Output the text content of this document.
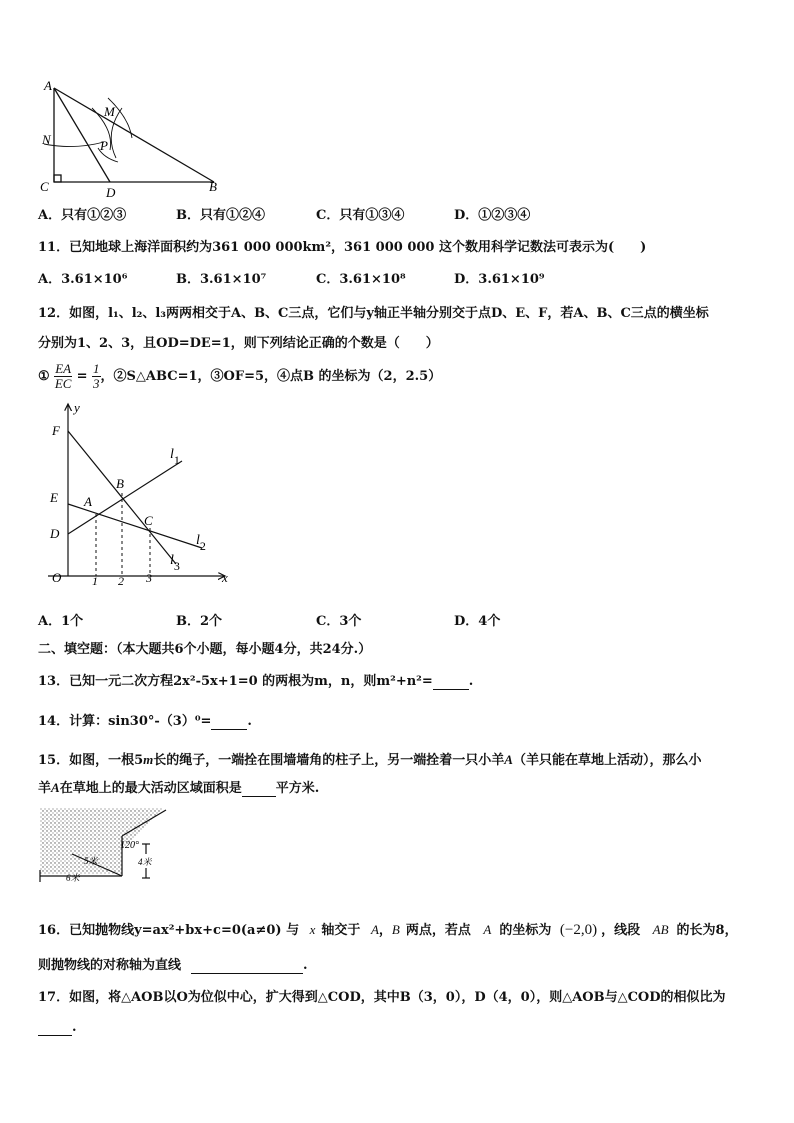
A
M
N	P
C	D	B
A．只有①②③	B．只有①②④	C．只有①③④	D．①②③④
11．已知地球上海洋面积约为361 000 000km²，361 000 000 这个数用科学记数法可表示为(　　)
A．3.61×10⁶	B．3.61×10⁷	C．3.61×10⁸	D．3.61×10⁹
12．如图，l₁、l₂、l₃两两相交于A、B、C三点，它们与y轴正半轴分别交于点D、E、F，若A、B、C三点的横坐标
分别为1、2、3，且OD=DE=1，则下列结论正确的个数是（　　）
① $\frac{EA}{EC} = \frac{1}{3}$ ，②S△ABC=1，③OF=5，④点B 的坐标为（2，2.5）
y
F
l1
E
B
A
C
D	l2
l3
O	1 2 3	x
A．1个	B．2个	C．3个	D．4个
二、填空题：（本大题共6个小题，每小题4分，共24分.）
13．已知一元二次方程2x²-5x+1=0 的两根为m，n，则m²+n²=	.
14．计算：sin30°-（3）⁰=	.
15．如图，一根5m长的绳子，一端拴在围墙墙角的柱子上，另一端拴着一只小羊A（羊只能在草地上活动），那么小
羊A在草地上的最大活动区域面积是	平方米.
120°
4米
5米
6米
16．已知抛物线y=ax²+bx+c=0(a≠0) 与 x 轴交于 A，B 两点，若点 A 的坐标为 (−2,0) ，线段 AB 的长为8，
则抛物线的对称轴为直线	.
17．如图，将△AOB以O为位似中心，扩大得到△COD，其中B（3，0），D（4，0），则△AOB与△COD的相似比为
.
